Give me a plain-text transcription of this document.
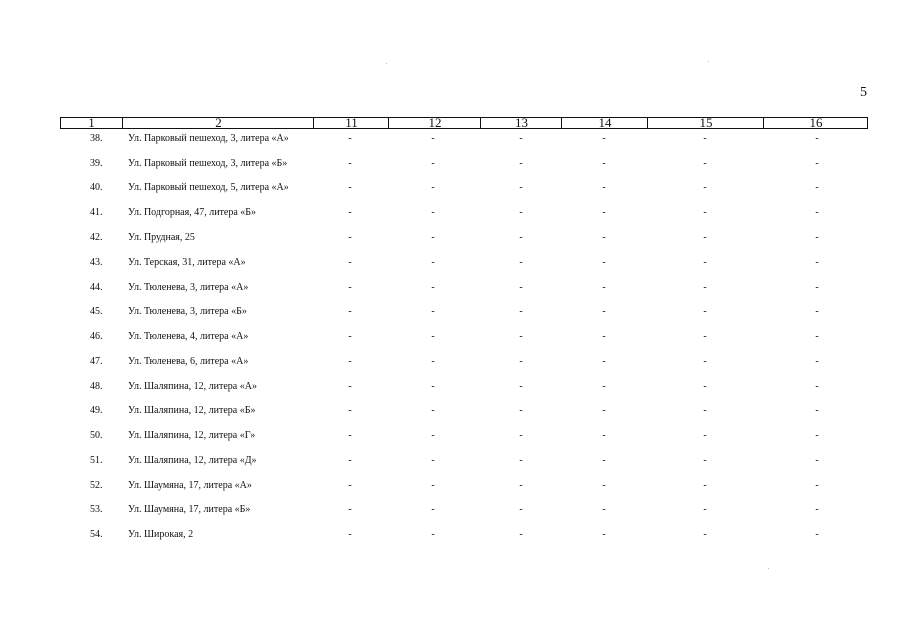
5
1	2	11	12	13	14	15	16
38.	Ул. Парковый пешеход, 3, литера «А»	-	-	-	-	-	-
39.	Ул. Парковый пешеход, 3, литера «Б»	-	-	-	-	-	-
40.	Ул. Парковый пешеход, 5, литера «А»	-	-	-	-	-	-
41.	Ул. Подгорная, 47, литера «Б»	-	-	-	-	-	-
42.	Ул. Прудная, 25	-	-	-	-	-	-
43.	Ул. Терская, 31, литера «А»	-	-	-	-	-	-
44.	Ул. Тюленева, 3, литера «А»	-	-	-	-	-	-
45.	Ул. Тюленева, 3, литера «Б»	-	-	-	-	-	-
46.	Ул. Тюленева, 4, литера «А»	-	-	-	-	-	-
47.	Ул. Тюленева, 6, литера «А»	-	-	-	-	-	-
48.	Ул. Шаляпина, 12, литера «А»	-	-	-	-	-	-
49.	Ул. Шаляпина, 12, литера «Б»	-	-	-	-	-	-
50.	Ул. Шаляпина, 12, литера «Г»	-	-	-	-	-	-
51.	Ул. Шаляпина, 12, литера «Д»	-	-	-	-	-	-
52.	Ул. Шаумяна, 17, литера «А»	-	-	-	-	-	-
53.	Ул. Шаумяна, 17, литера «Б»	-	-	-	-	-	-
54.	Ул. Широкая, 2	-	-	-	-	-	-
